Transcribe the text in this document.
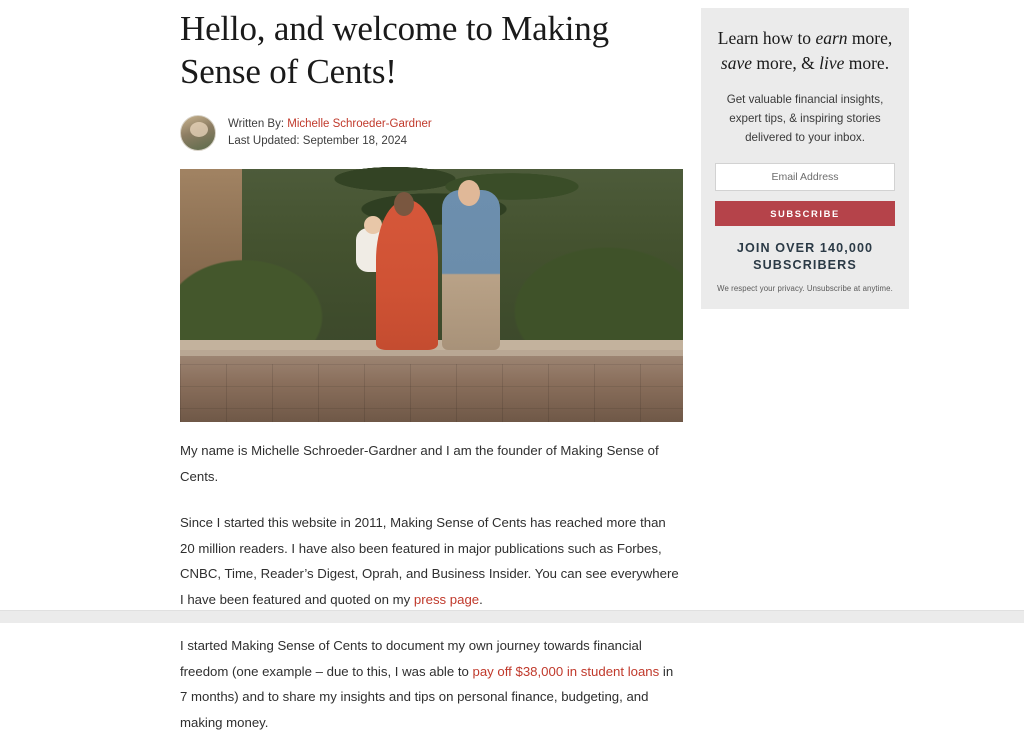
Hello, and welcome to Making Sense of Cents!
Written By: Michelle Schroeder-Gardner
Last Updated: September 18, 2024

My name is Michelle Schroeder-Gardner and I am the founder of Making Sense of Cents.

Since I started this website in 2011, Making Sense of Cents has reached more than 20 million readers. I have also been featured in major publications such as Forbes, CNBC, Time, Reader’s Digest, Oprah, and Business Insider. You can see everywhere I have been featured and quoted on my press page.

I started Making Sense of Cents to document my own journey towards financial freedom (one example – due to this, I was able to pay off $38,000 in student loans in 7 months) and to share my insights and tips on personal finance, budgeting, and making money.

Learn how to earn more, save more, & live more.

Get valuable financial insights, expert tips, & inspiring stories delivered to your inbox.

Email Address SUBSCRIBE
JOIN OVER 140,000
SUBSCRIBERS
We respect your privacy. Unsubscribe at anytime.
